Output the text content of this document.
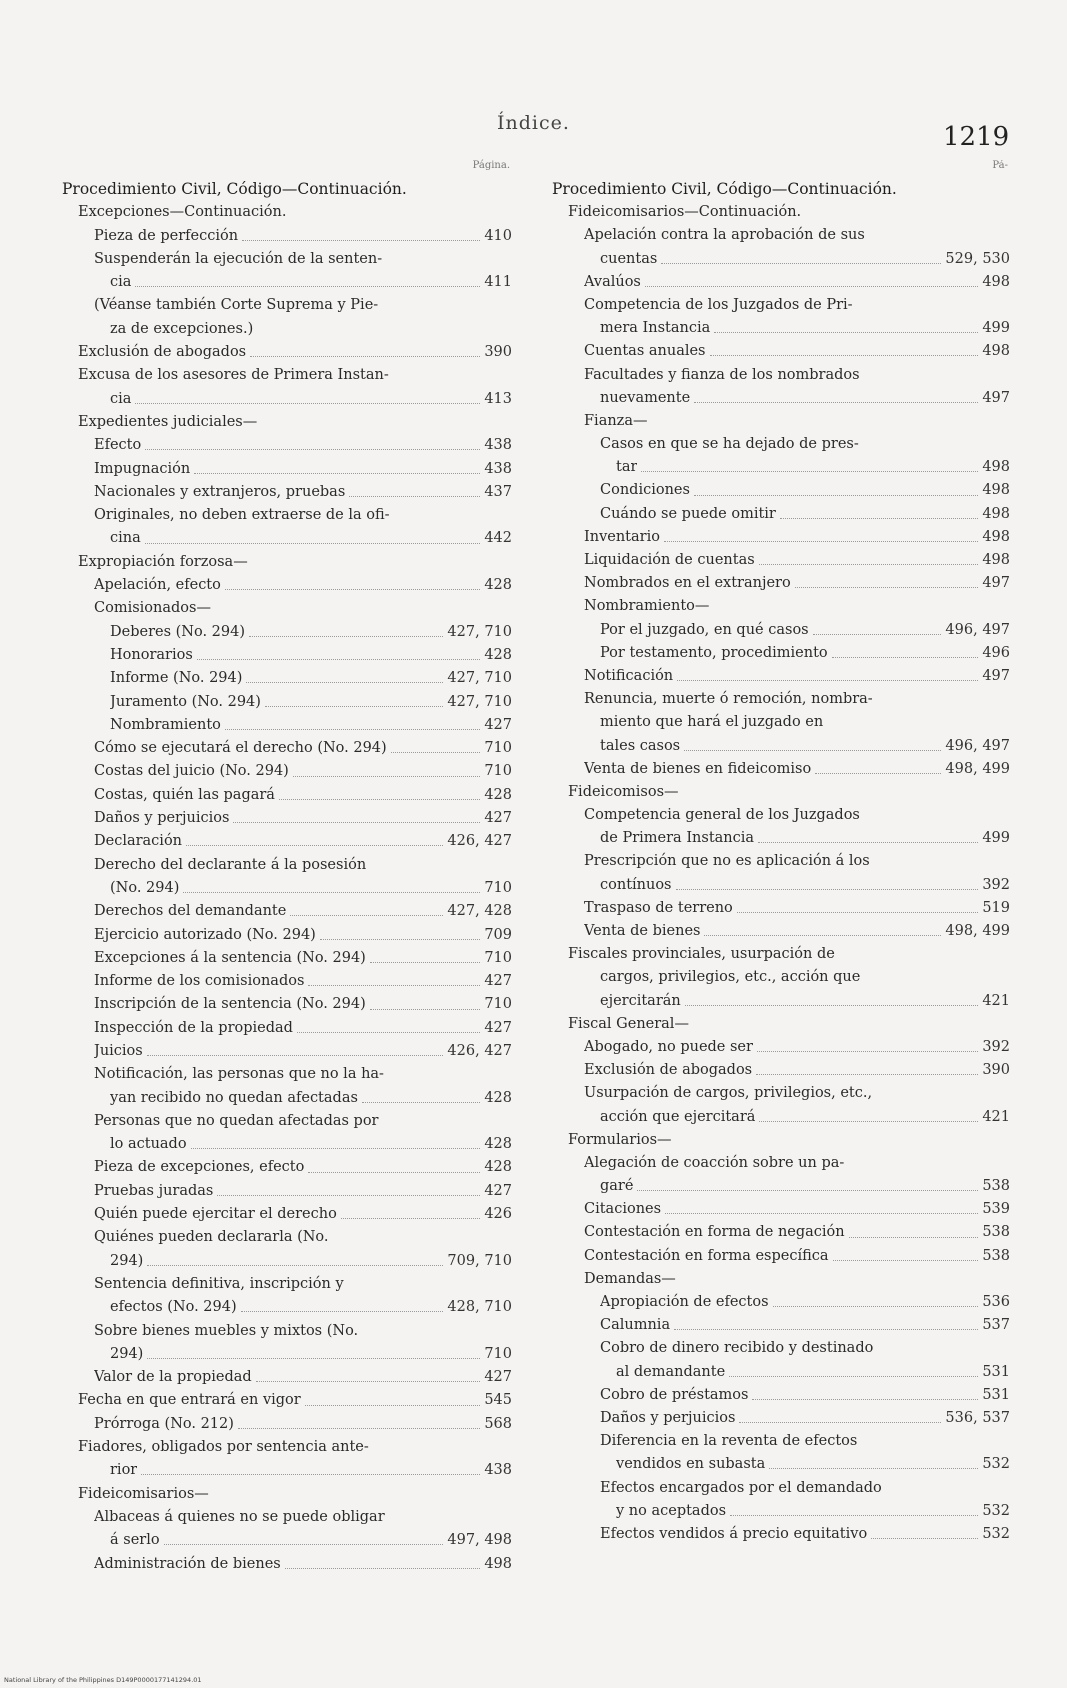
Índice.	1219
Página.
Procedimiento Civil, Código—Continuación.
Excepciones—Continuación.
Pieza de perfección	410
Suspenderán la ejecución de la senten-
cia	411
(Véanse también Corte Suprema y Pie-
za de excepciones.)
Exclusión de abogados	390
Excusa de los asesores de Primera Instan-
cia	413
Expedientes judiciales—
Efecto	438
Impugnación	438
Nacionales y extranjeros, pruebas	437
Originales, no deben extraerse de la ofi-
cina	442
Expropiación forzosa—
Apelación, efecto	428
Comisionados—
Deberes (No. 294)	427, 710
Honorarios	428
Informe (No. 294)	427, 710
Juramento (No. 294)	427, 710
Nombramiento	427
Cómo se ejecutará el derecho (No. 294)	710
Costas del juicio (No. 294)	710
Costas, quién las pagará	428
Daños y perjuicios	427
Declaración	426, 427
Derecho del declarante á la posesión
(No. 294)	710
Derechos del demandante	427, 428
Ejercicio autorizado (No. 294)	709
Excepciones á la sentencia (No. 294)	710
Informe de los comisionados	427
Inscripción de la sentencia (No. 294)	710
Inspección de la propiedad	427
Juicios	426, 427
Notificación, las personas que no la ha-
yan recibido no quedan afectadas	428
Personas que no quedan afectadas por
lo actuado	428
Pieza de excepciones, efecto	428
Pruebas juradas	427
Quién puede ejercitar el derecho	426
Quiénes pueden declararla (No.
294)	709, 710
Sentencia definitiva, inscripción y
efectos (No. 294)	428, 710
Sobre bienes muebles y mixtos (No.
294)	710
Valor de la propiedad	427
Fecha en que entrará en vigor	545
Prórroga (No. 212)	568
Fiadores, obligados por sentencia ante-
rior	438
Fideicomisarios—
Albaceas á quienes no se puede obligar
á serlo	497, 498
Administración de bienes	498
Pá-
Procedimiento Civil, Código—Continuación.
Fideicomisarios—Continuación.
Apelación contra la aprobación de sus
cuentas	529, 530
Avalúos	498
Competencia de los Juzgados de Pri-
mera Instancia	499
Cuentas anuales	498
Facultades y fianza de los nombrados
nuevamente	497
Fianza—
Casos en que se ha dejado de pres-
tar	498
Condiciones	498
Cuándo se puede omitir	498
Inventario	498
Liquidación de cuentas	498
Nombrados en el extranjero	497
Nombramiento—
Por el juzgado, en qué casos	496, 497
Por testamento, procedimiento	496
Notificación	497
Renuncia, muerte ó remoción, nombra-
miento que hará el juzgado en
tales casos	496, 497
Venta de bienes en fideicomiso	498, 499
Fideicomisos—
Competencia general de los Juzgados
de Primera Instancia	499
Prescripción que no es aplicación á los
contínuos	392
Traspaso de terreno	519
Venta de bienes	498, 499
Fiscales provinciales, usurpación de
cargos, privilegios, etc., acción que
ejercitarán	421
Fiscal General—
Abogado, no puede ser	392
Exclusión de abogados	390
Usurpación de cargos, privilegios, etc.,
acción que ejercitará	421
Formularios—
Alegación de coacción sobre un pa-
garé	538
Citaciones	539
Contestación en forma de negación	538
Contestación en forma específica	538
Demandas—
Apropiación de efectos	536
Calumnia	537
Cobro de dinero recibido y destinado
al demandante	531
Cobro de préstamos	531
Daños y perjuicios	536, 537
Diferencia en la reventa de efectos
vendidos en subasta	532
Efectos encargados por el demandado
y no aceptados	532
Efectos vendidos á precio equitativo	532
National Library of the Philippines D149P0000177141294.01
